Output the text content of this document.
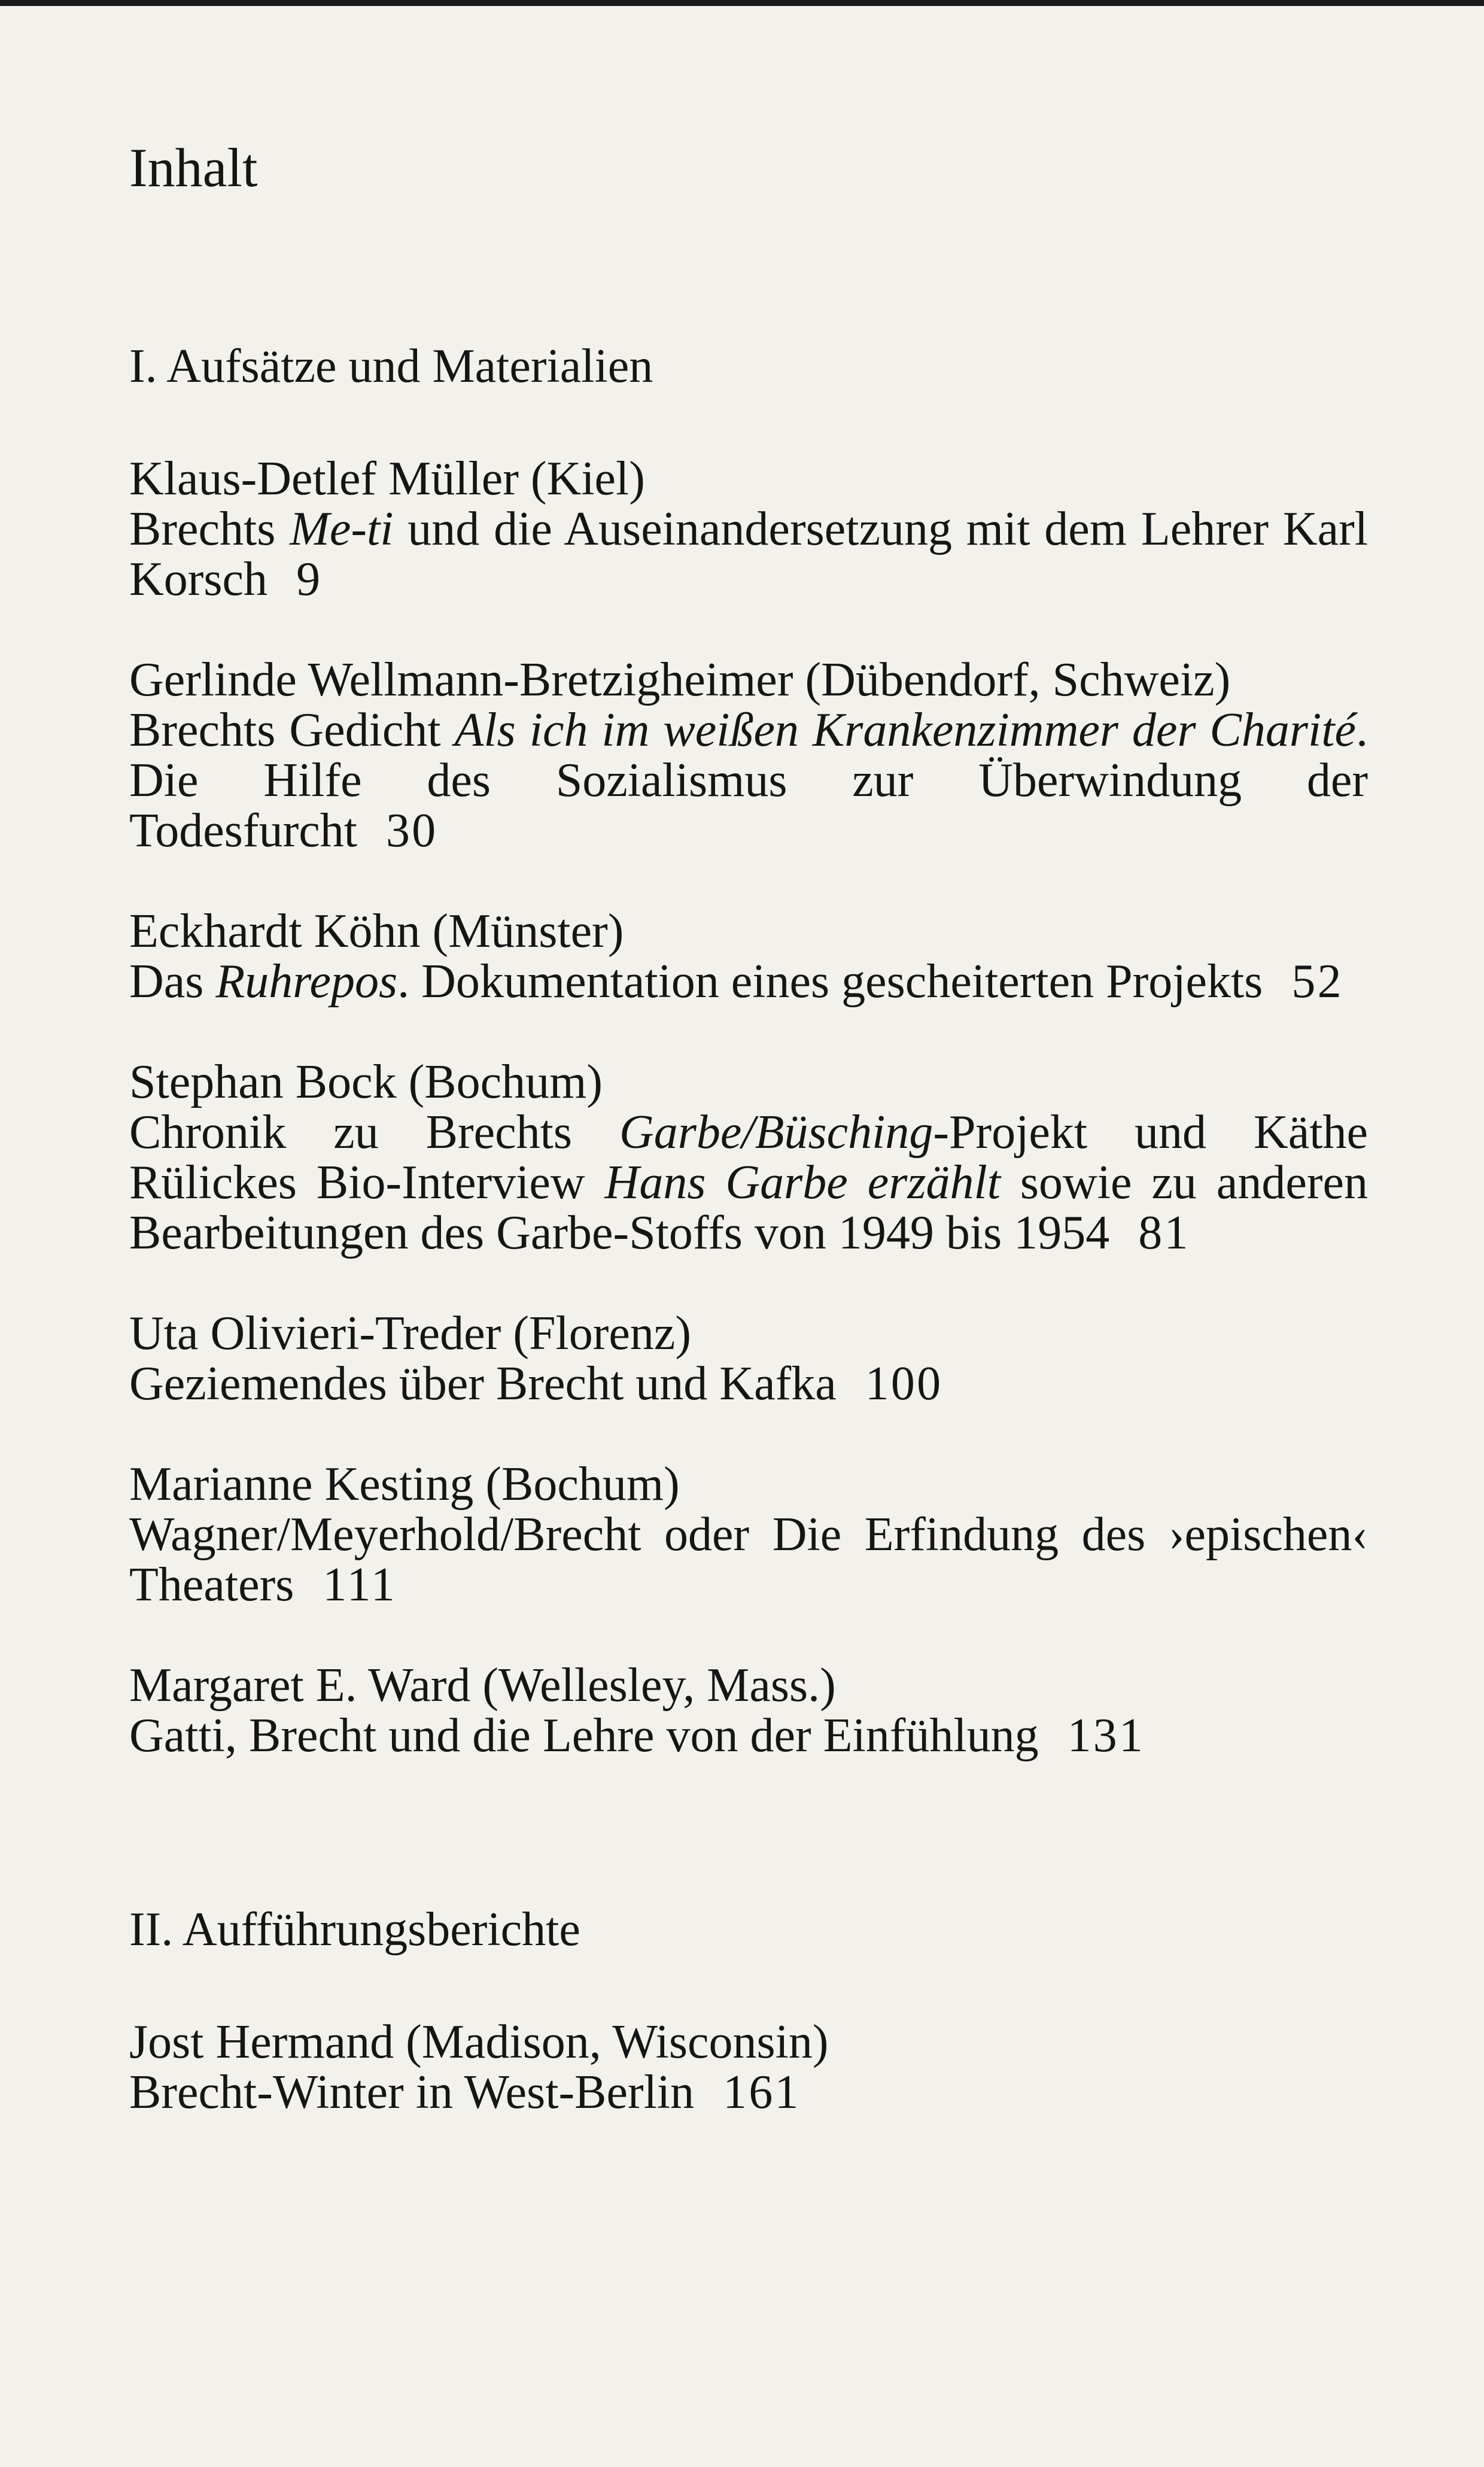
Inhalt
I. Aufsätze und Materialien
Klaus-Detlef Müller (Kiel)
Brechts Me-ti und die Auseinandersetzung mit dem Lehrer Karl Korsch 9
Gerlinde Wellmann-Bretzigheimer (Dübendorf, Schweiz)
Brechts Gedicht Als ich im weißen Krankenzimmer der Charité. Die Hilfe des Sozialismus zur Überwindung der Todesfurcht 30
Eckhardt Köhn (Münster)
Das Ruhrepos. Dokumentation eines gescheiterten Projekts 52
Stephan Bock (Bochum)
Chronik zu Brechts Garbe/Büsching-Projekt und Käthe Rülickes Bio-Interview Hans Garbe erzählt sowie zu anderen Bearbeitungen des Garbe-Stoffs von 1949 bis 1954 81
Uta Olivieri-Treder (Florenz)
Geziemendes über Brecht und Kafka 100
Marianne Kesting (Bochum)
Wagner/Meyerhold/Brecht oder Die Erfindung des ›epischen‹ Theaters 111
Margaret E. Ward (Wellesley, Mass.)
Gatti, Brecht und die Lehre von der Einfühlung 131
II. Aufführungsberichte
Jost Hermand (Madison, Wisconsin)
Brecht-Winter in West-Berlin 161
